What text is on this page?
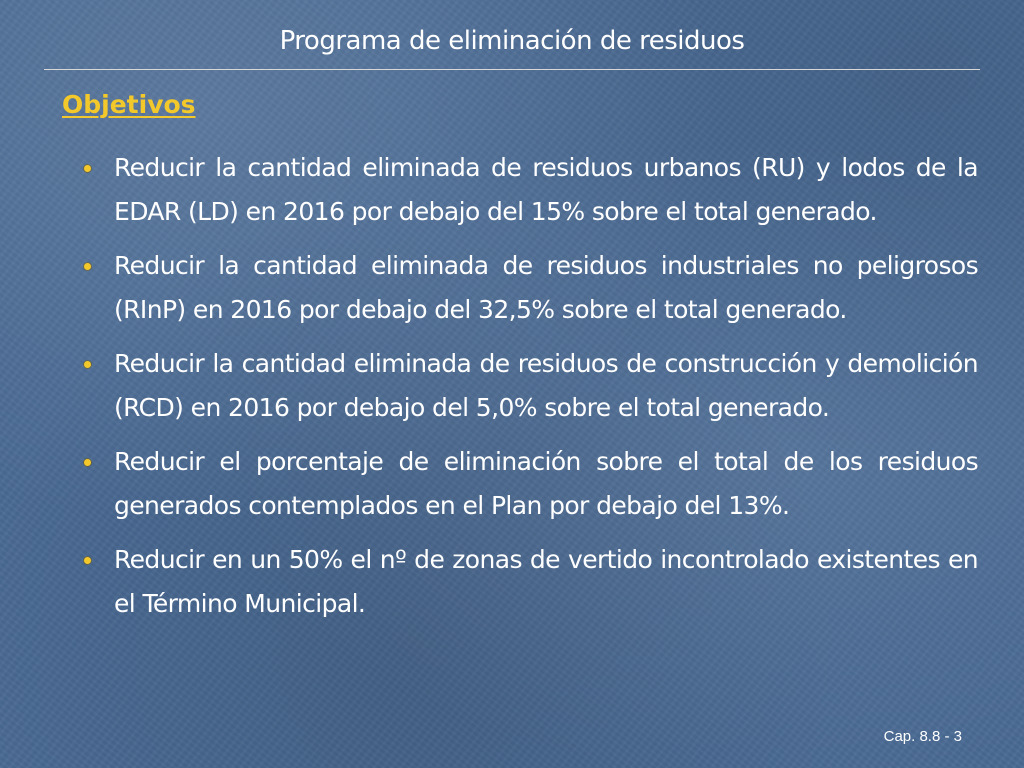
Programa de eliminación de residuos
Objetivos
Reducir la cantidad eliminada de residuos urbanos (RU) y lodos de la EDAR (LD) en 2016 por debajo del 15% sobre el total generado.
Reducir la cantidad eliminada de residuos industriales no peligrosos (RInP) en 2016 por debajo del 32,5% sobre el total generado.
Reducir la cantidad eliminada de residuos de construcción y demolición (RCD) en 2016 por debajo del 5,0% sobre el total generado.
Reducir el porcentaje de eliminación sobre el total de los residuos generados contemplados en el Plan por debajo del 13%.
Reducir en un 50% el nº de zonas de vertido incontrolado existentes en el Término Municipal.
Cap. 8.8 - 3
